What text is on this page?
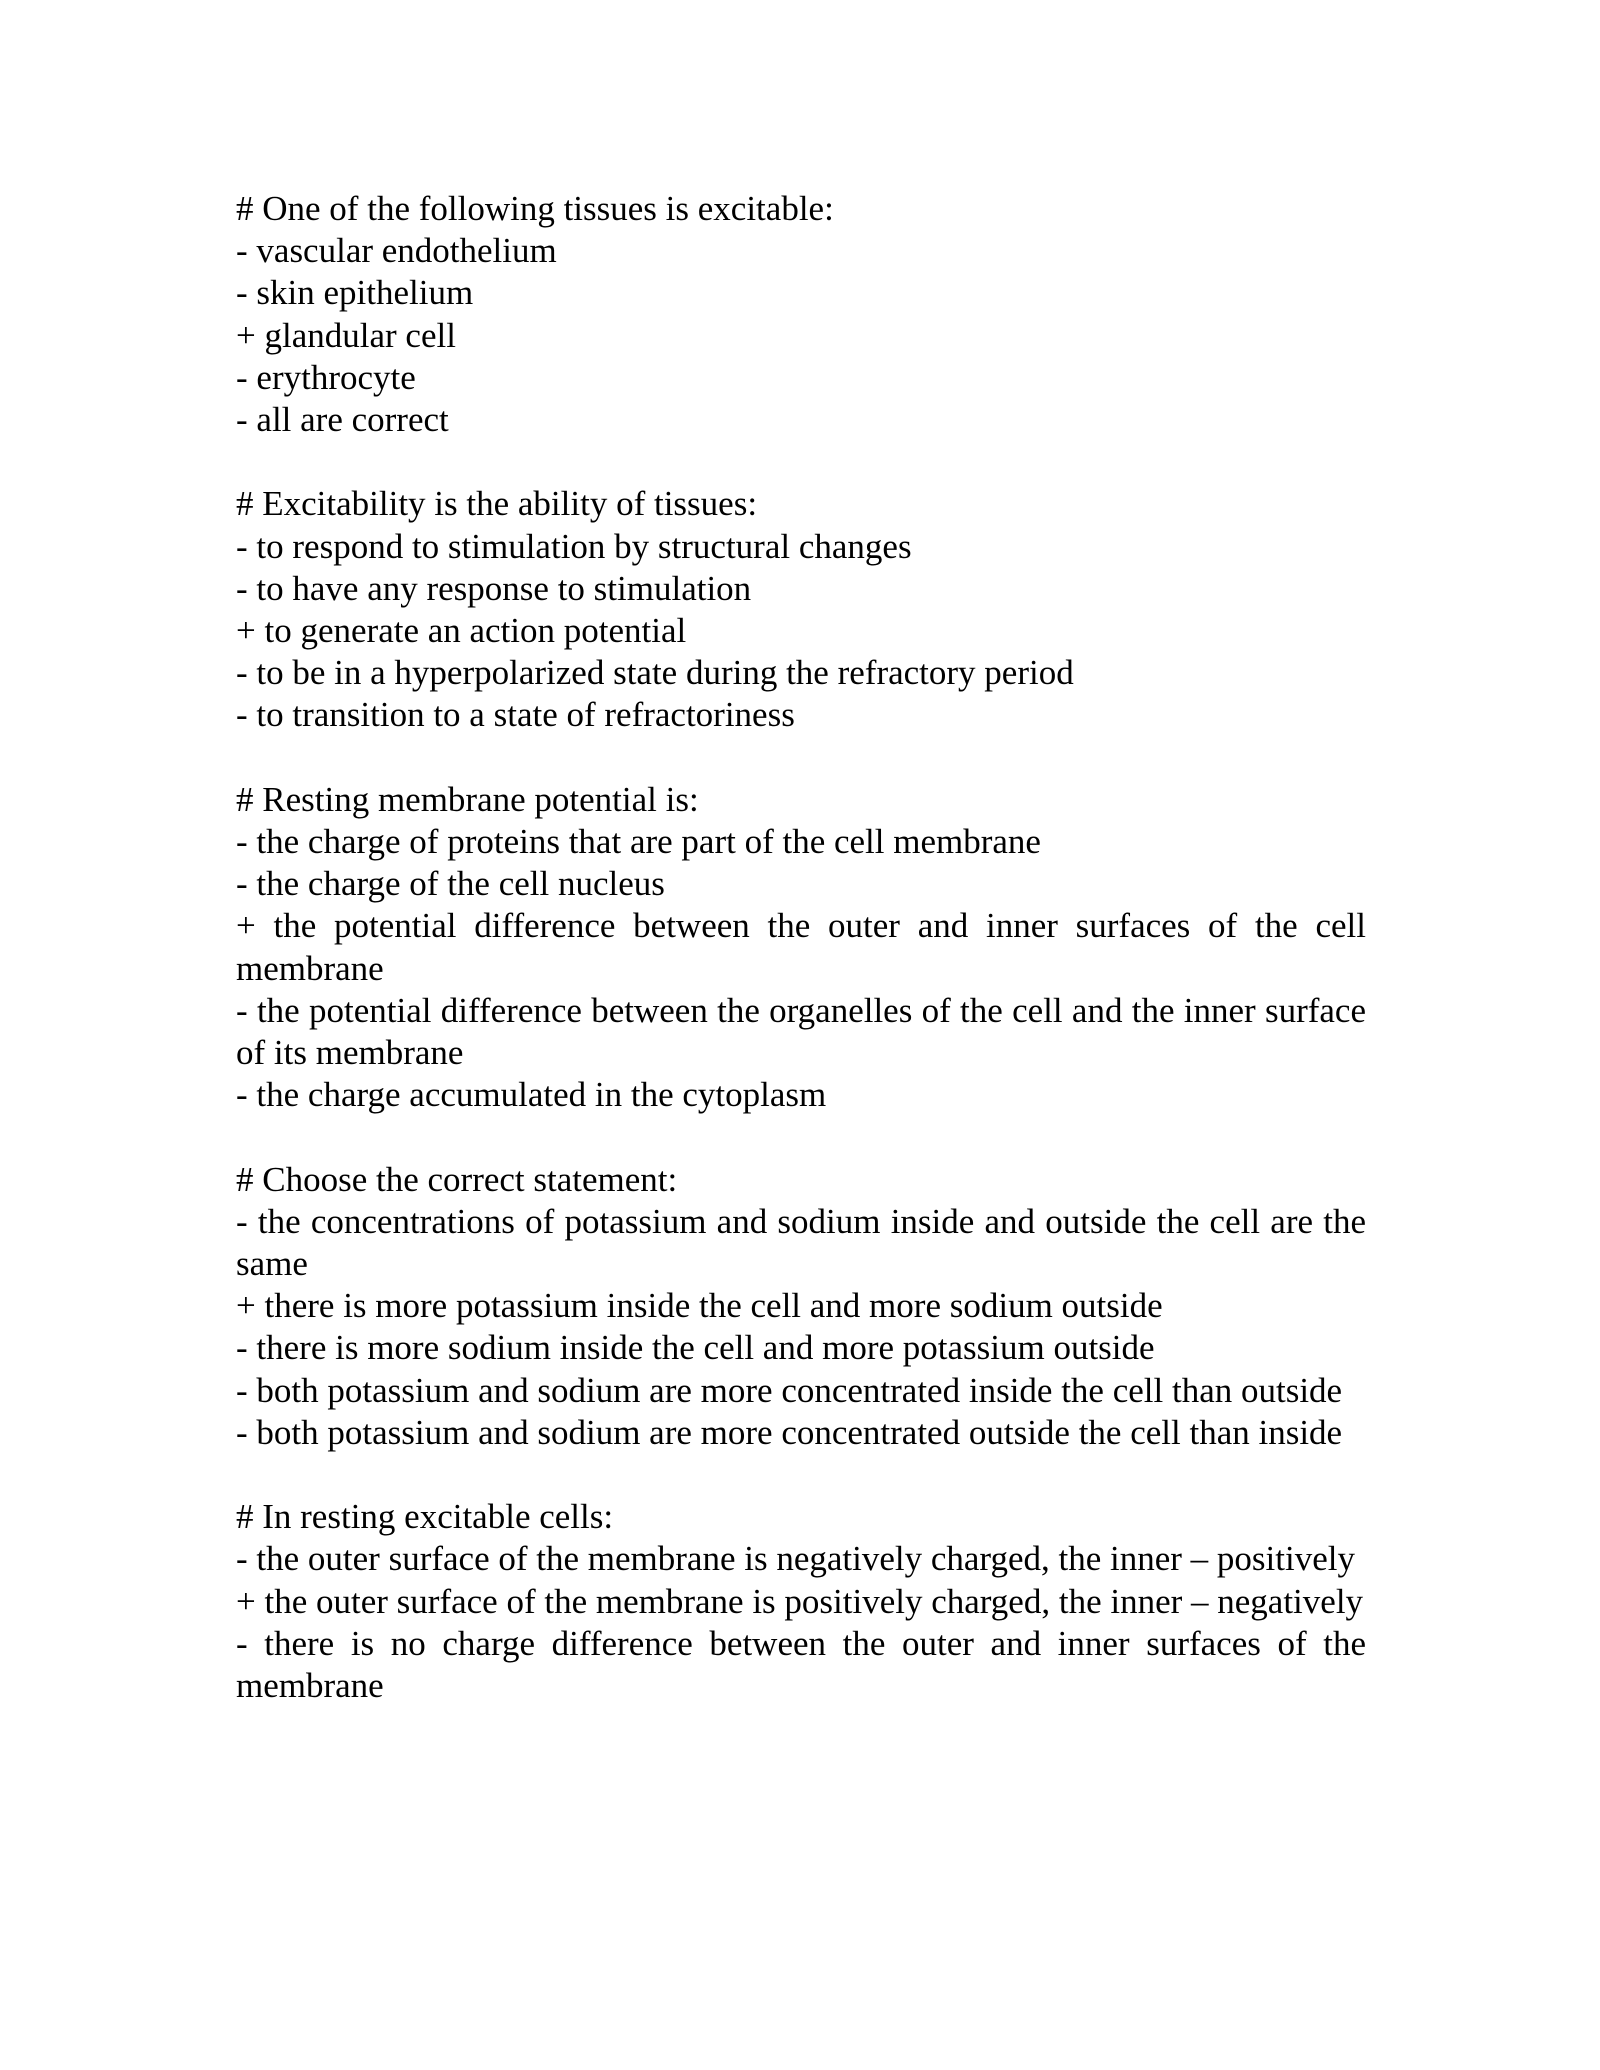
# One of the following tissues is excitable:
- vascular endothelium
- skin epithelium
+ glandular cell
- erythrocyte
- all are correct
# Excitability is the ability of tissues:
- to respond to stimulation by structural changes
- to have any response to stimulation
+ to generate an action potential
- to be in a hyperpolarized state during the refractory period
- to transition to a state of refractoriness
# Resting membrane potential is:
- the charge of proteins that are part of the cell membrane
- the charge of the cell nucleus
+ the potential difference between the outer and inner surfaces of the cell membrane
- the potential difference between the organelles of the cell and the inner surface of its membrane
- the charge accumulated in the cytoplasm
# Choose the correct statement:
- the concentrations of potassium and sodium inside and outside the cell are the same
+ there is more potassium inside the cell and more sodium outside
- there is more sodium inside the cell and more potassium outside
- both potassium and sodium are more concentrated inside the cell than outside
- both potassium and sodium are more concentrated outside the cell than inside
# In resting excitable cells:
- the outer surface of the membrane is negatively charged, the inner – positively
+ the outer surface of the membrane is positively charged, the inner – negatively
- there is no charge difference between the outer and inner surfaces of the membrane
